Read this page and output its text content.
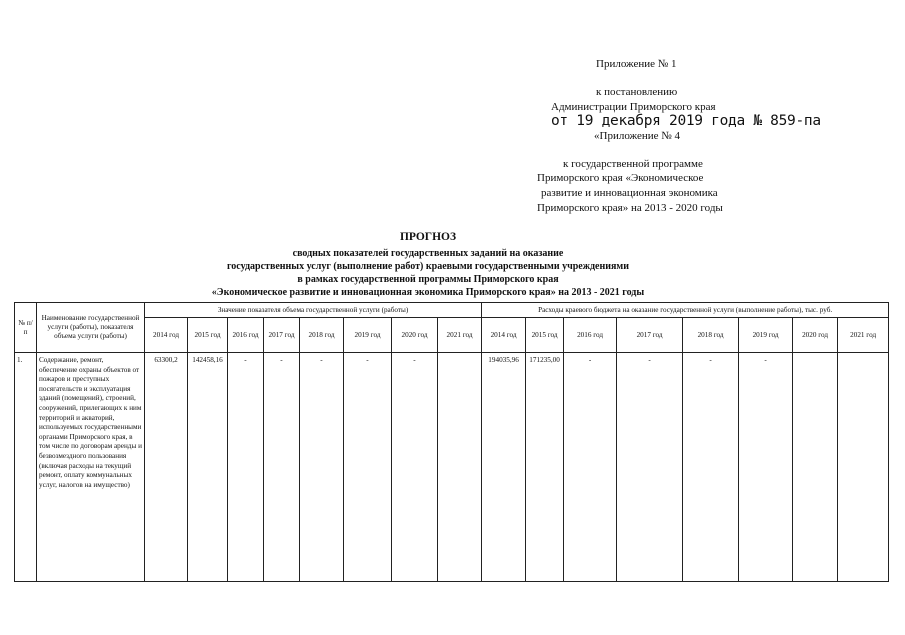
Приложение № 1
к постановлению
Администрации Приморского края
от 19 декабря 2019 года № 859-па
«Приложение № 4
к государственной программе
Приморского края «Экономическое
развитие и инновационная экономика
Приморского края» на 2013 - 2020 годы
ПРОГНОЗ
сводных показателей государственных заданий на оказание
государственных услуг (выполнение работ) краевыми государственными учреждениями
в рамках государственной программы Приморского края
«Экономическое развитие и инновационная экономика Приморского края» на 2013 - 2021 годы
№ п/п	Наименование государственной услуги (работы), показателя объема услуги (работы)	Значение показателя объема государственной услуги (работы)								Расходы краевого бюджета на оказание государственной услуги (выполнение работы), тыс. руб.							
		2014 год	2015 год	2016 год	2017 год	2018 год	2019 год	2020 год	2021 год	2014 год	2015 год	2016 год	2017 год	2018 год	2019 год	2020 год	2021 год
1.	Содержание, ремонт, обеспечение охраны объектов от пожаров и преступных посягательств и эксплуатация зданий (помещений), строений, сооружений, прилегающих к ним территорий и акваторий, используемых государственными органами Приморского края, в том числе по договорам аренды и безвозмездного пользования (включая расходы на текущий ремонт, оплату коммунальных услуг, налогов на имущество)	63300,2	142458,16	-	-	-	-	-		194035,96	171235,00	-	-	-	-		
